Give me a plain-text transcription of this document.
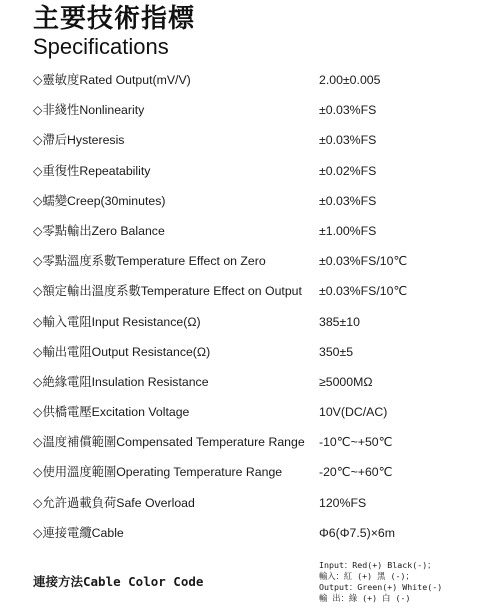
主要技術指標
Specifications
◇靈敏度Rated Output(mV/V)	2.00±0.005
◇非綫性Nonlinearity	±0.03%FS
◇滯后Hysteresis	±0.03%FS
◇重復性Repeatability	±0.02%FS
◇蠕變Creep(30minutes)	±0.03%FS
◇零點輸出Zero Balance	±1.00%FS
◇零點溫度系數Temperature Effect on Zero	±0.03%FS/10℃
◇額定輸出溫度系數Temperature Effect on Output ±0.03%FS/10℃
◇輸入電阻Input Resistance(Ω)	385±10
◇輸出電阻Output Resistance(Ω)	350±5
◇絶緣電阻Insulation Resistance	≥5000MΩ
◇供橋電壓Excitation Voltage	10V(DC/AC)
◇溫度補償範圍Compensated Temperature Range -10℃~+50℃
◇使用溫度範圍Operating Temperature Range	-20℃~+60℃
◇允許過載負荷Safe Overload	120%FS
◇連接電纜Cable	Φ6(Φ7.5)×6m
Input：Red(+) Black(-)；
輸入：紅 (+) 黑 (-)；
Output：Green(+) White(-)
輸 出：綠 (+) 白 (-)
連接方法Cable Color Code
